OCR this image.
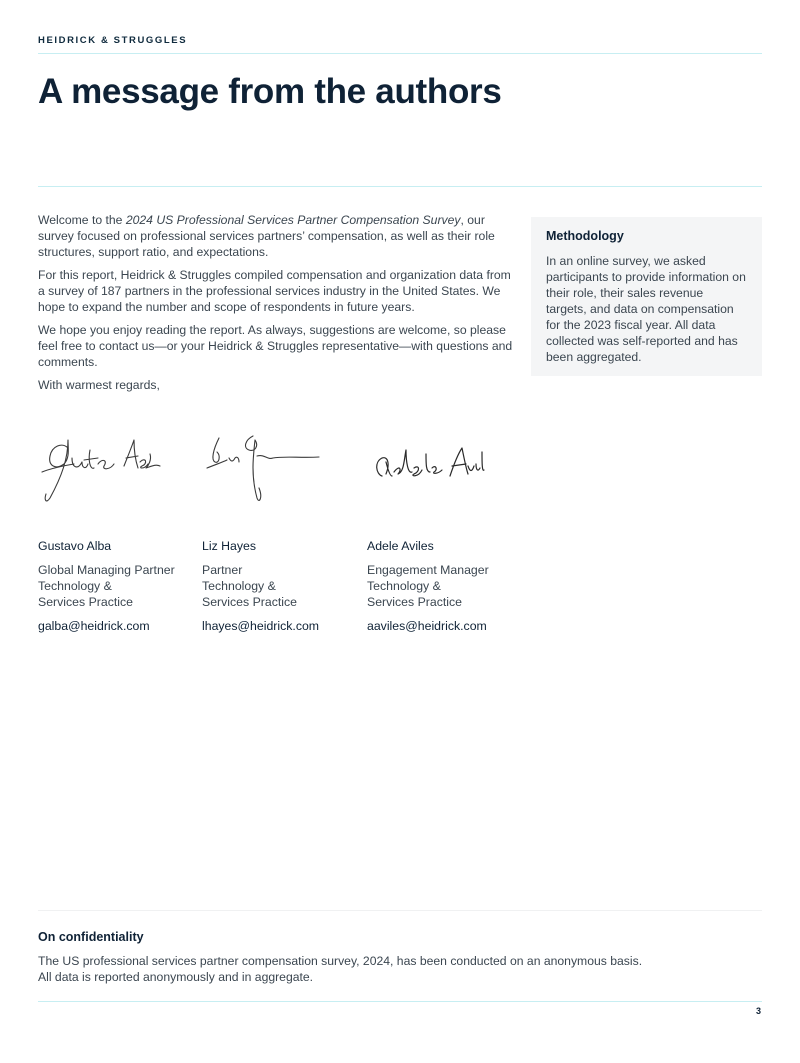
HEIDRICK & STRUGGLES
A message from the authors

Welcome to the 2024 US Professional Services Partner Compensation Survey, our survey focused on professional services partners’ compensation, as well as their role structures, support ratio, and expectations.

For this report, Heidrick & Struggles compiled compensation and organization data from a survey of 187 partners in the professional services industry in the United States. We hope to expand the number and scope of respondents in future years.

We hope you enjoy reading the report. As always, suggestions are welcome, so please feel free to contact us—or your Heidrick & Struggles representative—with questions and comments.

With warmest regards,

Methodology

In an online survey, we asked participants to provide information on their role, their sales revenue targets, and data on compensation for the 2023 fiscal year. All data collected was self-reported and has been aggregated.

Gustavo Alba
Global Managing Partner
Technology &
Services Practice
galba@heidrick.com
Liz Hayes
Partner
Technology &
Services Practice
lhayes@heidrick.com
Adele Aviles
Engagement Manager
Technology &
Services Practice
aaviles@heidrick.com
On confidentiality
The US professional services partner compensation survey, 2024, has been conducted on an anonymous basis.
All data is reported anonymously and in aggregate.
3
